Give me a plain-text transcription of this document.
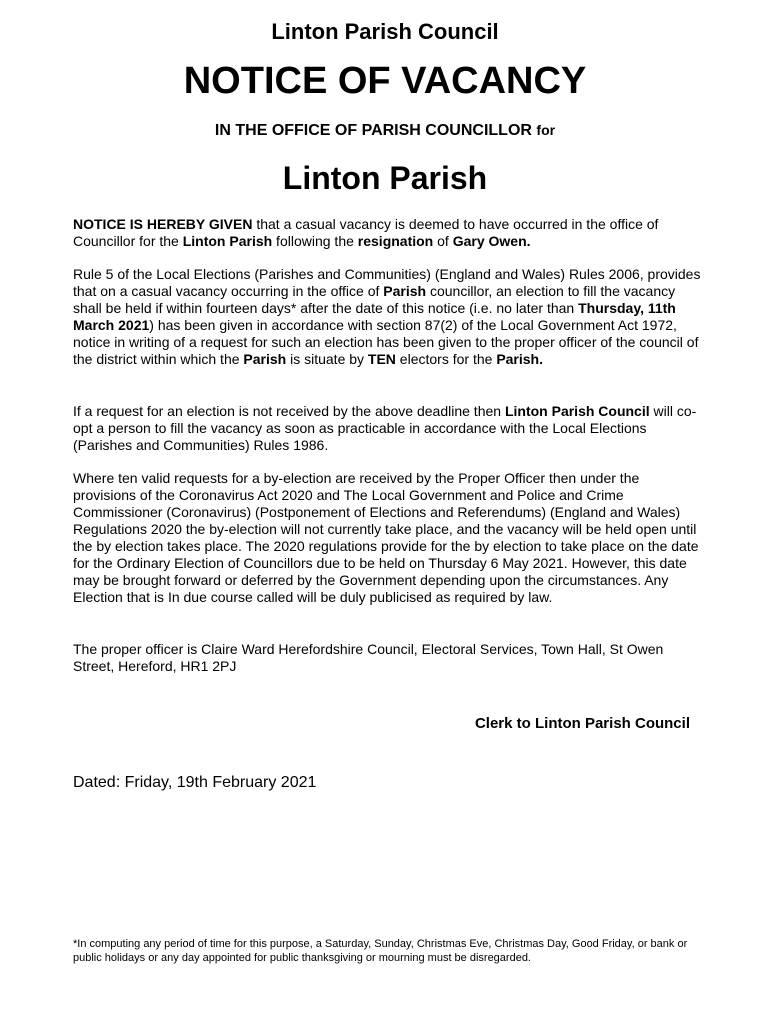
Linton Parish Council
NOTICE OF VACANCY
IN THE OFFICE OF PARISH COUNCILLOR for
Linton Parish

NOTICE IS HEREBY GIVEN that a casual vacancy is deemed to have occurred in the office of Councillor for the Linton Parish following the resignation of Gary Owen.

Rule 5 of the Local Elections (Parishes and Communities) (England and Wales) Rules 2006, provides that on a casual vacancy occurring in the office of Parish councillor, an election to fill the vacancy shall be held if within fourteen days* after the date of this notice (i.e. no later than Thursday, 11th March 2021) has been given in accordance with section 87(2) of the Local Government Act 1972, notice in writing of a request for such an election has been given to the proper officer of the council of the district within which the Parish is situate by TEN electors for the Parish.

If a request for an election is not received by the above deadline then Linton Parish Council will co-opt a person to fill the vacancy as soon as practicable in accordance with the Local Elections (Parishes and Communities) Rules 1986.

Where ten valid requests for a by-election are received by the Proper Officer then under the provisions of the Coronavirus Act 2020 and The Local Government and Police and Crime Commissioner (Coronavirus) (Postponement of Elections and Referendums) (England and Wales) Regulations 2020 the by-election will not currently take place, and the vacancy will be held open until the by election takes place. The 2020 regulations provide for the by election to take place on the date for the Ordinary Election of Councillors due to be held on Thursday 6 May 2021. However, this date may be brought forward or deferred by the Government depending upon the circumstances. Any Election that is In due course called will be duly publicised as required by law.

The proper officer is Claire Ward Herefordshire Council, Electoral Services, Town Hall, St Owen Street, Hereford, HR1 2PJ

Clerk to Linton Parish Council
Dated: Friday, 19th February 2021
*In computing any period of time for this purpose, a Saturday, Sunday, Christmas Eve, Christmas Day, Good Friday, or bank or public holidays or any day appointed for public thanksgiving or mourning must be disregarded.
